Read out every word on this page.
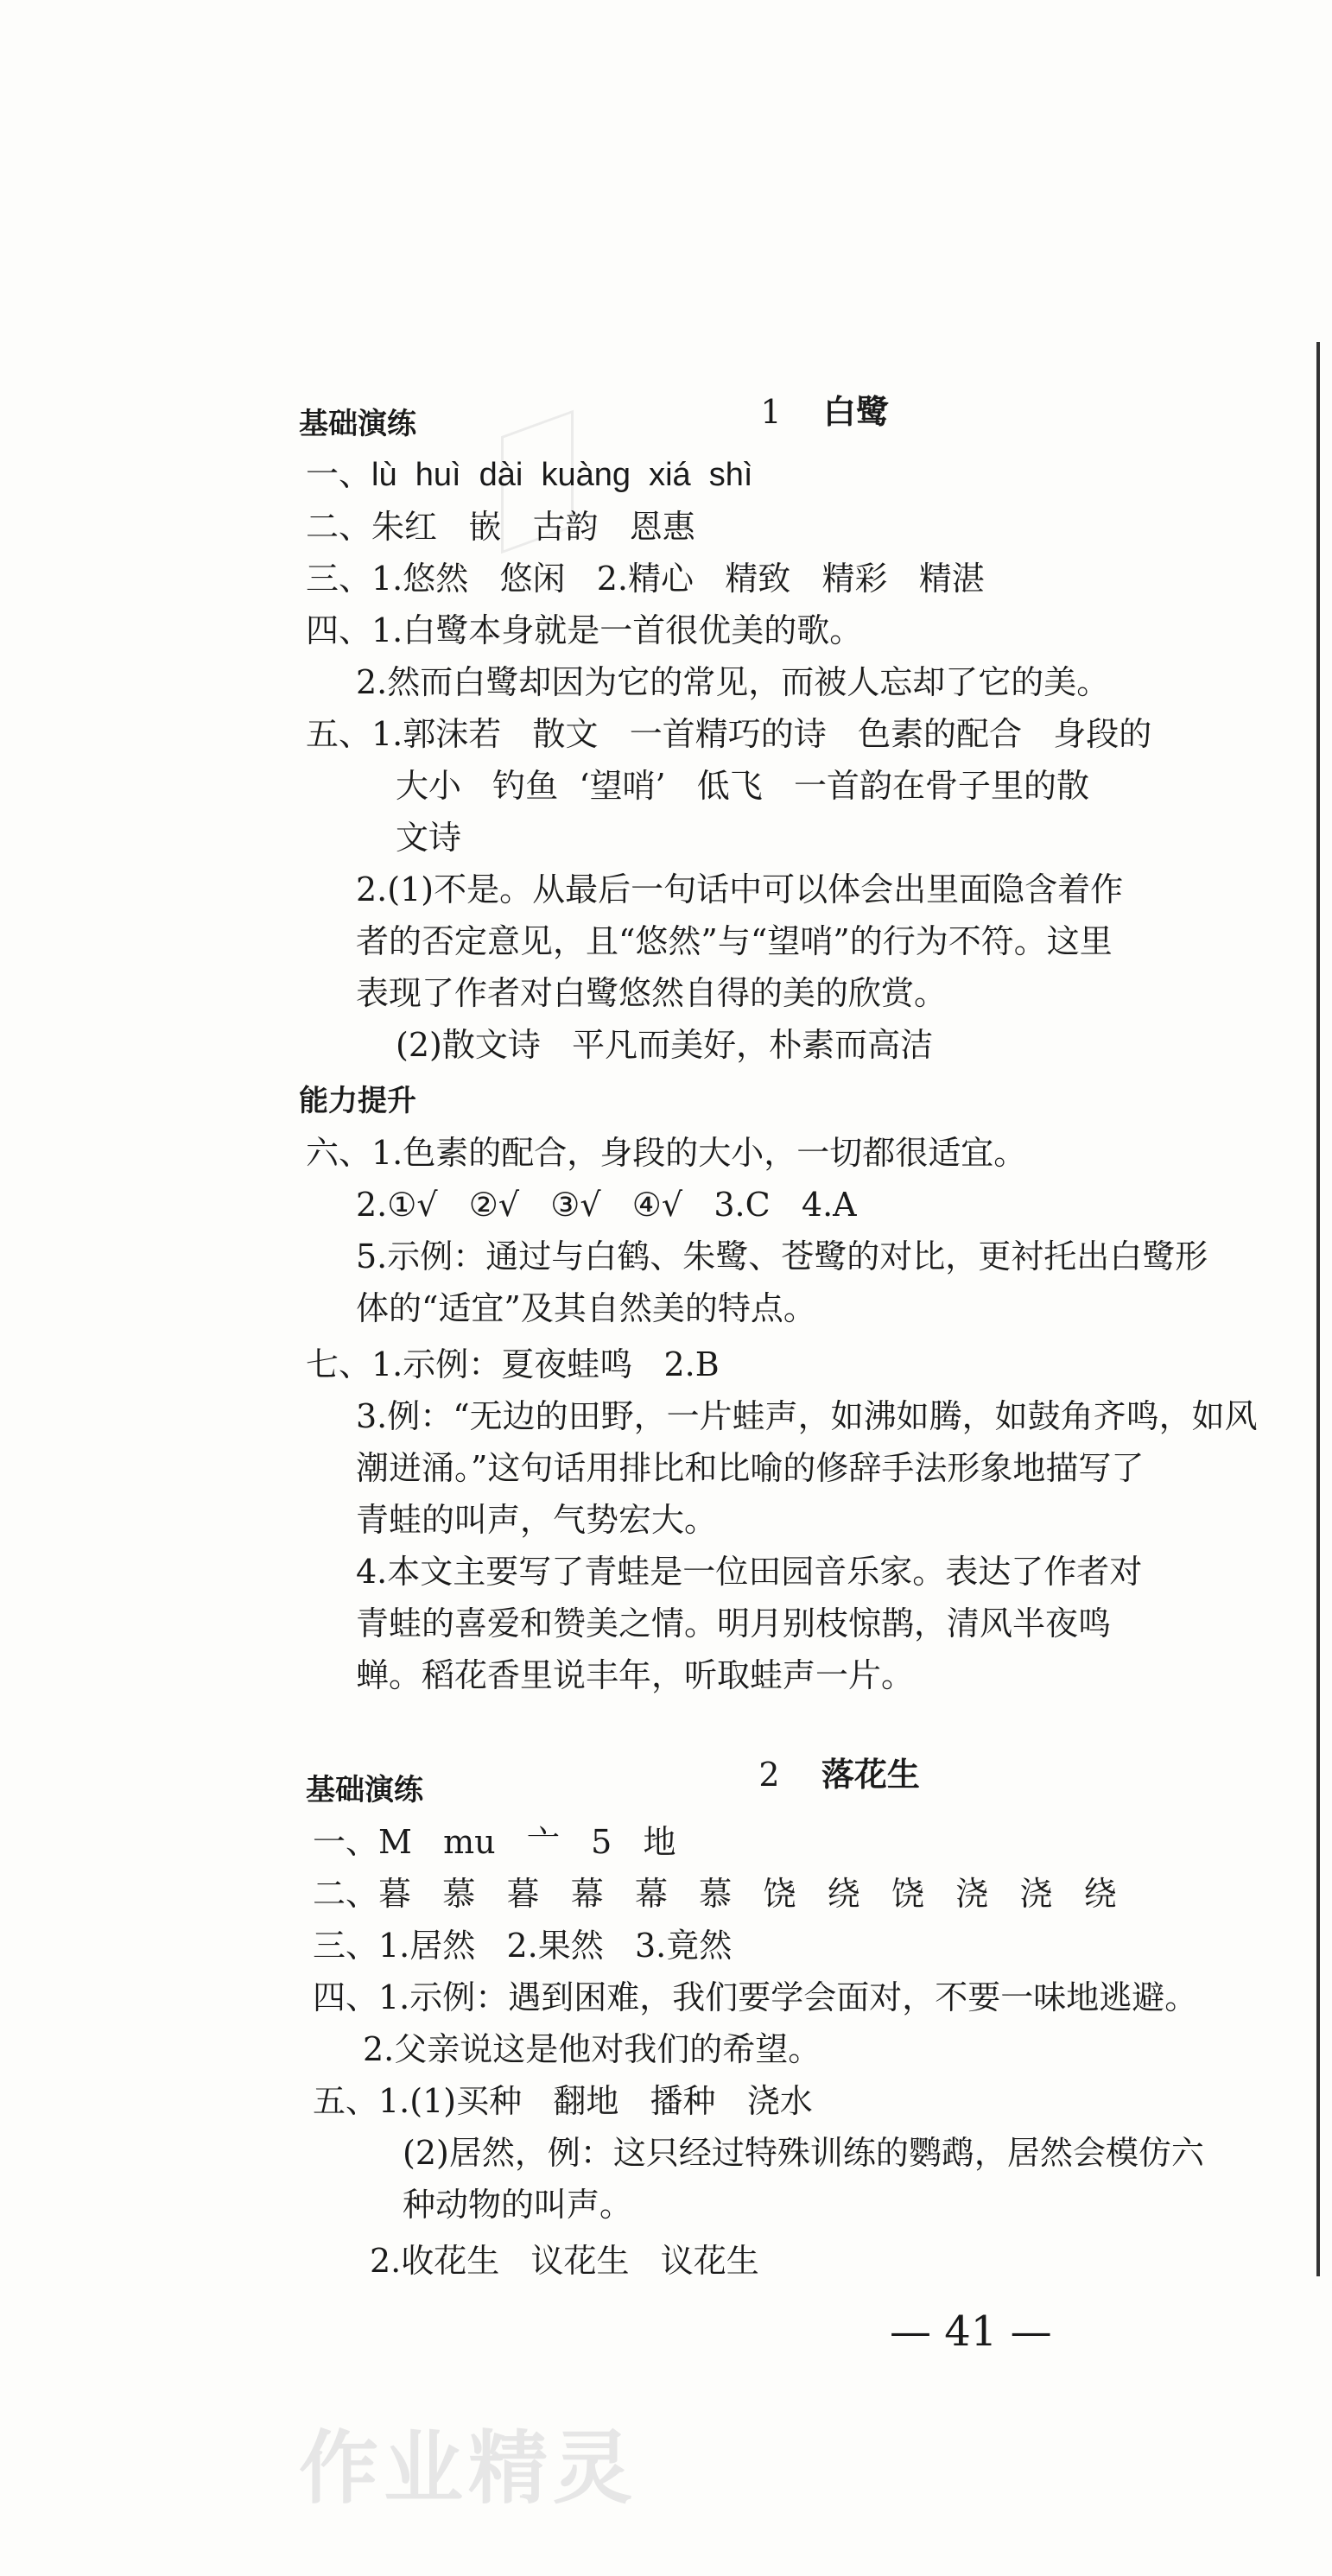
1 白鹭

基础演练
一、lù  huì  dài  kuàng  xiá  shì
二、朱红   嵌   古韵   恩惠
三、1.悠然   悠闲   2.精心   精致   精彩   精湛
四、1.白鹭本身就是一首很优美的歌。
2.然而白鹭却因为它的常见，而被人忘却了它的美。
五、1.郭沫若   散文   一首精巧的诗   色素的配合   身段的
大小   钓鱼  ‘望哨’   低飞   一首韵在骨子里的散
文诗
2.(1)不是。从最后一句话中可以体会出里面隐含着作
者的否定意见，且“悠然”与“望哨”的行为不符。这里
表现了作者对白鹭悠然自得的美的欣赏。
(2)散文诗   平凡而美好，朴素而高洁
能力提升
六、1.色素的配合，身段的大小，一切都很适宜。
2.①√   ②√   ③√   ④√   3.C   4.A
5.示例：通过与白鹤、朱鹭、苍鹭的对比，更衬托出白鹭形
体的“适宜”及其自然美的特点。
七、1.示例：夏夜蛙鸣   2.B
3.例：“无边的田野，一片蛙声，如沸如腾，如鼓角齐鸣，如风
潮迸涌。”这句话用排比和比喻的修辞手法形象地描写了
青蛙的叫声，气势宏大。
4.本文主要写了青蛙是一位田园音乐家。表达了作者对
青蛙的喜爱和赞美之情。明月别枝惊鹊，清风半夜鸣
蝉。稻花香里说丰年，听取蛙声一片。

2 落花生

基础演练
一、M   mu   亠   5   地
二、暮   慕   暮   幕   幕   慕   饶   绕   饶   浇   浇   绕
三、1.居然   2.果然   3.竟然
四、1.示例：遇到困难，我们要学会面对，不要一味地逃避。
2.父亲说这是他对我们的希望。
五、1.(1)买种   翻地   播种   浇水
(2)居然，例：这只经过特殊训练的鹦鹉，居然会模仿六
种动物的叫声。
2.收花生   议花生   议花生
— 41 —
作业精灵
